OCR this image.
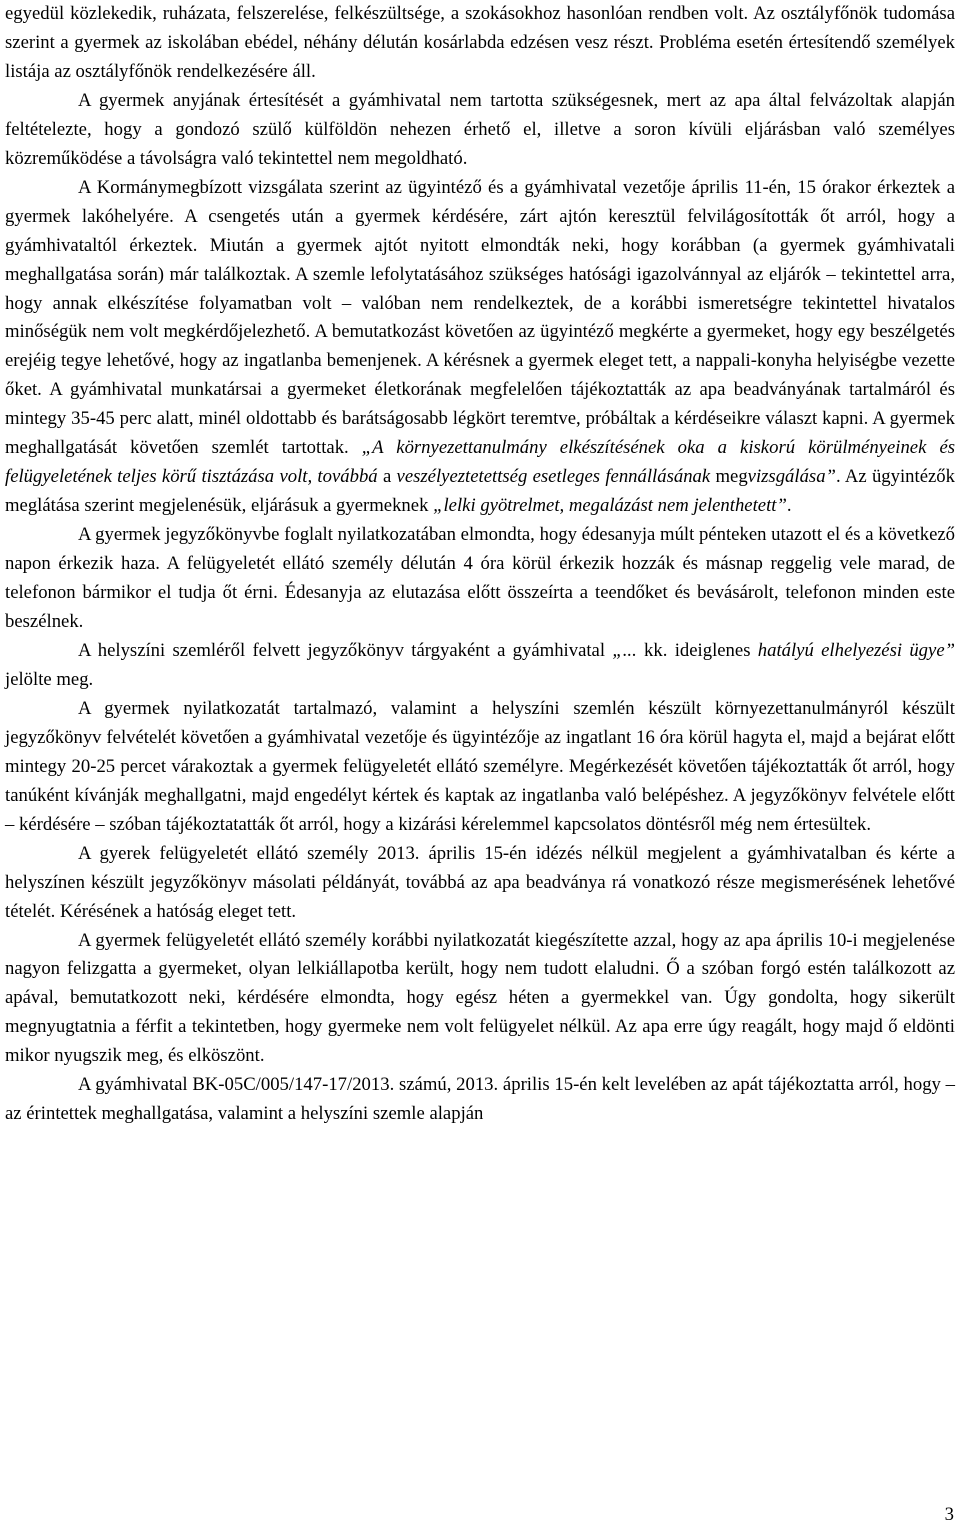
egyedül közlekedik, ruházata, felszerelése, felkészültsége, a szokásokhoz hasonlóan rendben volt. Az osztályfőnök tudomása szerint a gyermek az iskolában ebédel, néhány délután kosárlabda edzésen vesz részt. Probléma esetén értesítendő személyek listája az osztályfőnök rendelkezésére áll.

A gyermek anyjának értesítését a gyámhivatal nem tartotta szükségesnek, mert az apa által felvázoltak alapján feltételezte, hogy a gondozó szülő külföldön nehezen érhető el, illetve a soron kívüli eljárásban való személyes közreműködése a távolságra való tekintettel nem megoldható.

A Kormánymegbízott vizsgálata szerint az ügyintéző és a gyámhivatal vezetője április 11-én, 15 órakor érkeztek a gyermek lakóhelyére. A csengetés után a gyermek kérdésére, zárt ajtón keresztül felvilágosították őt arról, hogy a gyámhivataltól érkeztek. Miután a gyermek ajtót nyitott elmondták neki, hogy korábban (a gyermek gyámhivatali meghallgatása során) már találkoztak. A szemle lefolytatásához szükséges hatósági igazolvánnyal az eljárók – tekintettel arra, hogy annak elkészítése folyamatban volt – valóban nem rendelkeztek, de a korábbi ismeretségre tekintettel hivatalos minőségük nem volt megkérdőjelezhető. A bemutatkozást követően az ügyintéző megkérte a gyermeket, hogy egy beszélgetés erejéig tegye lehetővé, hogy az ingatlanba bemenjenek. A kérésnek a gyermek eleget tett, a nappali-konyha helyiségbe vezette őket. A gyámhivatal munkatársai a gyermeket életkorának megfelelően tájékoztatták az apa beadványának tartalmáról és mintegy 35-45 perc alatt, minél oldottabb és barátságosabb légkört teremtve, próbáltak a kérdéseikre választ kapni. A gyermek meghallgatását követően szemlét tartottak. „A környezettanulmány elkészítésének oka a kiskorú körülményeinek és felügyeletének teljes körű tisztázása volt, továbbá a veszélyeztetettség esetleges fennállásának megvizsgálása”. Az ügyintézők meglátása szerint megjelenésük, eljárásuk a gyermeknek „lelki gyötrelmet, megalázást nem jelenthetett”.

A gyermek jegyzőkönyvbe foglalt nyilatkozatában elmondta, hogy édesanyja múlt pénteken utazott el és a következő napon érkezik haza. A felügyeletét ellátó személy délután 4 óra körül érkezik hozzák és másnap reggelig vele marad, de telefonon bármikor el tudja őt érni. Édesanyja az elutazása előtt összeírta a teendőket és bevásárolt, telefonon minden este beszélnek.

A helyszíni szemléről felvett jegyzőkönyv tárgyaként a gyámhivatal „... kk. ideiglenes hatályú elhelyezési ügye” jelölte meg.

A gyermek nyilatkozatát tartalmazó, valamint a helyszíni szemlén készült környezettanulmányról készült jegyzőkönyv felvételét követően a gyámhivatal vezetője és ügyintézője az ingatlant 16 óra körül hagyta el, majd a bejárat előtt mintegy 20-25 percet várakoztak a gyermek felügyeletét ellátó személyre. Megérkezését követően tájékoztatták őt arról, hogy tanúként kívánják meghallgatni, majd engedélyt kértek és kaptak az ingatlanba való belépéshez. A jegyzőkönyv felvétele előtt – kérdésére – szóban tájékoztatatták őt arról, hogy a kizárási kérelemmel kapcsolatos döntésről még nem értesültek.

A gyerek felügyeletét ellátó személy 2013. április 15-én idézés nélkül megjelent a gyámhivatalban és kérte a helyszínen készült jegyzőkönyv másolati példányát, továbbá az apa beadványa rá vonatkozó része megismerésének lehetővé tételét. Kérésének a hatóság eleget tett.

A gyermek felügyeletét ellátó személy korábbi nyilatkozatát kiegészítette azzal, hogy az apa április 10-i megjelenése nagyon felizgatta a gyermeket, olyan lelkiállapotba került, hogy nem tudott elaludni. Ő a szóban forgó estén találkozott az apával, bemutatkozott neki, kérdésére elmondta, hogy egész héten a gyermekkel van. Úgy gondolta, hogy sikerült megnyugtatnia a férfit a tekintetben, hogy gyermeke nem volt felügyelet nélkül. Az apa erre úgy reagált, hogy majd ő eldönti mikor nyugszik meg, és elköszönt.

A gyámhivatal BK-05C/005/147-17/2013. számú, 2013. április 15-én kelt levelében az apát tájékoztatta arról, hogy – az érintettek meghallgatása, valamint a helyszíni szemle alapján

3
